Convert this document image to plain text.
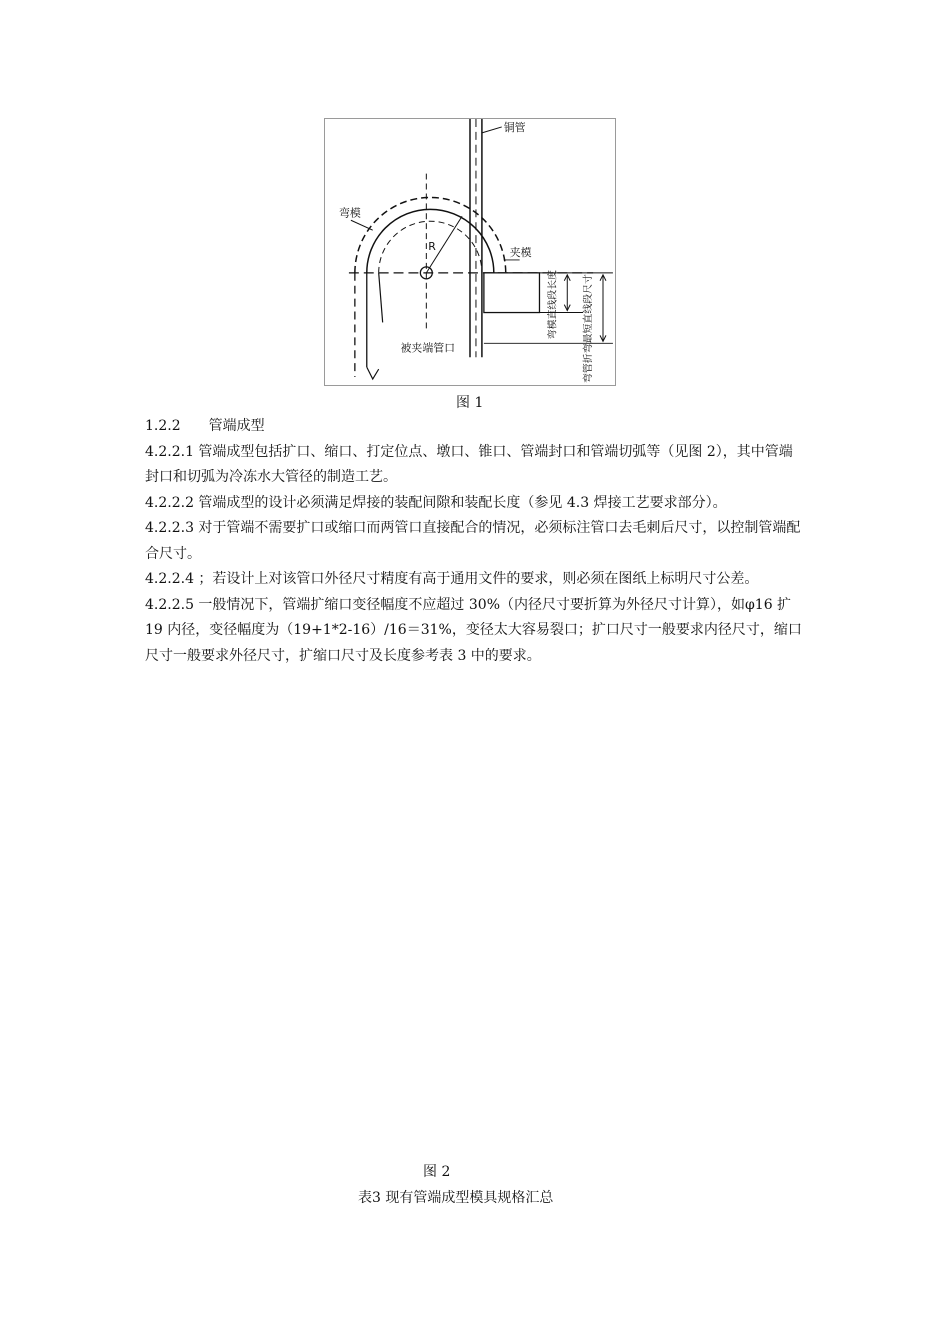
R
铜管
弯模
夹模
被夹端管口
弯模直线段长度 弯管折弯最短直线段尺寸
图 1

1.2.2　　管端成型

4.2.2.1 管端成型包括扩口、缩口、打定位点、墩口、锥口、管端封口和管端切弧等（见图 2），其中管端封口和切弧为冷冻水大管径的制造工艺。

4.2.2.2 管端成型的设计必须满足焊接的装配间隙和装配长度（参见 4.3 焊接工艺要求部分）。

4.2.2.3 对于管端不需要扩口或缩口而两管口直接配合的情况，必须标注管口去毛刺后尺寸，以控制管端配合尺寸。

4.2.2.4 ；若设计上对该管口外径尺寸精度有高于通用文件的要求，则必须在图纸上标明尺寸公差。

4.2.2.5 一般情况下，管端扩缩口变径幅度不应超过 30%（内径尺寸要折算为外径尺寸计算），如φ16 扩 19 内径，变径幅度为（19+1*2-16）/16＝31%，变径太大容易裂口；扩口尺寸一般要求内径尺寸，缩口尺寸一般要求外径尺寸，扩缩口尺寸及长度参考表 3 中的要求。

图 2
表3 现有管端成型模具规格汇总
